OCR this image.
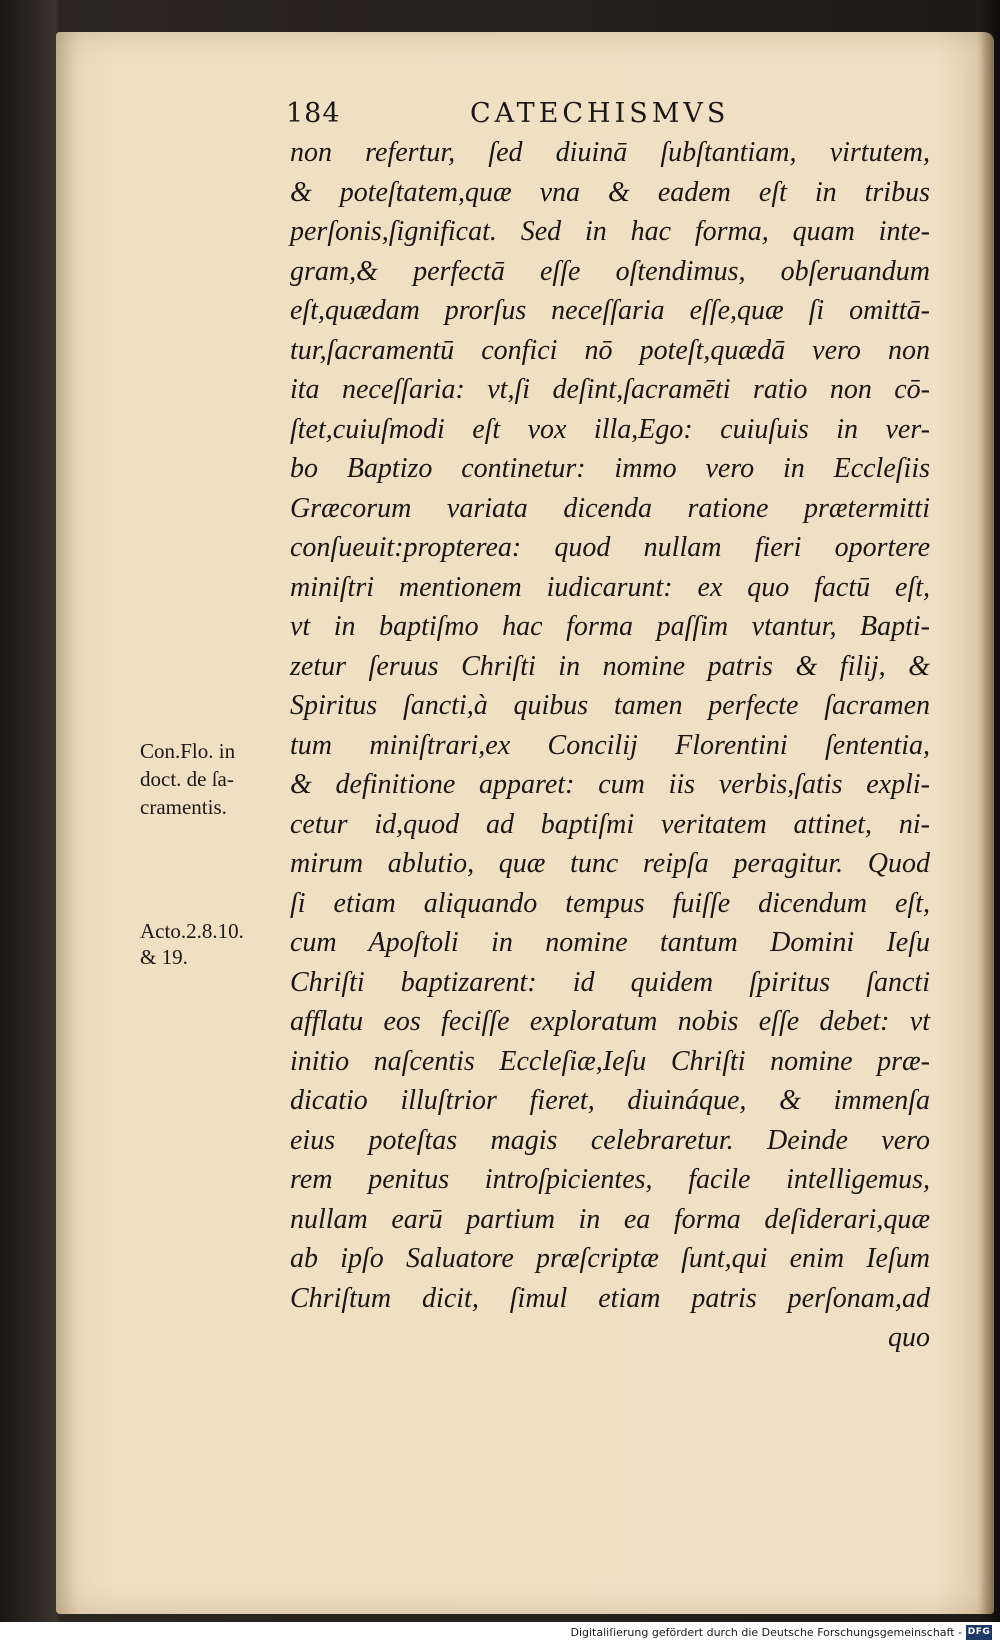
184	CATECHISMVS
non refertur, ſed diuinā ſubſtantiam, virtutem,
& poteſtatem,quæ vna & eadem eſt in tribus
perſonis,ſignificat. Sed in hac forma, quam inte-
gram,& perfectā eſſe oſtendimus, obſeruandum
eſt,quædam prorſus neceſſaria eſſe,quæ ſi omittā-
tur,ſacramentū confici nō poteſt,quædā vero non
ita neceſſaria: vt,ſi deſint,ſacramēti ratio non cō-
ſtet,cuiuſmodi eſt vox illa,Ego: cuiuſuis in ver-
bo Baptizo continetur: immo vero in Eccleſiis
Græcorum variata dicenda ratione prætermitti
conſueuit:propterea: quod nullam fieri oportere
miniſtri mentionem iudicarunt: ex quo factū eſt,
vt in baptiſmo hac forma paſſim vtantur, Bapti-
zetur ſeruus Chriſti in nomine patris & filij, &
Spiritus ſancti,à quibus tamen perfecte ſacramen
tum miniſtrari,ex Concilij Florentini ſententia,
& definitione apparet: cum iis verbis,ſatis expli-
cetur id,quod ad baptiſmi veritatem attinet, ni-
mirum ablutio, quæ tunc reipſa peragitur. Quod
ſi etiam aliquando tempus fuiſſe dicendum eſt,
cum Apoſtoli in nomine tantum Domini Ieſu
Chriſti baptizarent: id quidem ſpiritus ſancti
afflatu eos feciſſe exploratum nobis eſſe debet: vt
initio naſcentis Eccleſiæ,Ieſu Chriſti nomine præ-
dicatio illuſtrior fieret, diuináque, & immenſa
eius poteſtas magis celebraretur. Deinde vero
rem penitus introſpicientes, facile intelligemus,
nullam earū partium in ea forma deſiderari,quæ
ab ipſo Saluatore præſcriptæ ſunt,qui enim Ieſum
Chriſtum dicit, ſimul etiam patris perſonam,ad
quo
Con.Flo. in
doct. de ſa-
cramentis.
Acto.2.8.10.
& 19.
Digitaliſierung gefördert durch die Deutsche Forschungsgemeinschaft - DFG
